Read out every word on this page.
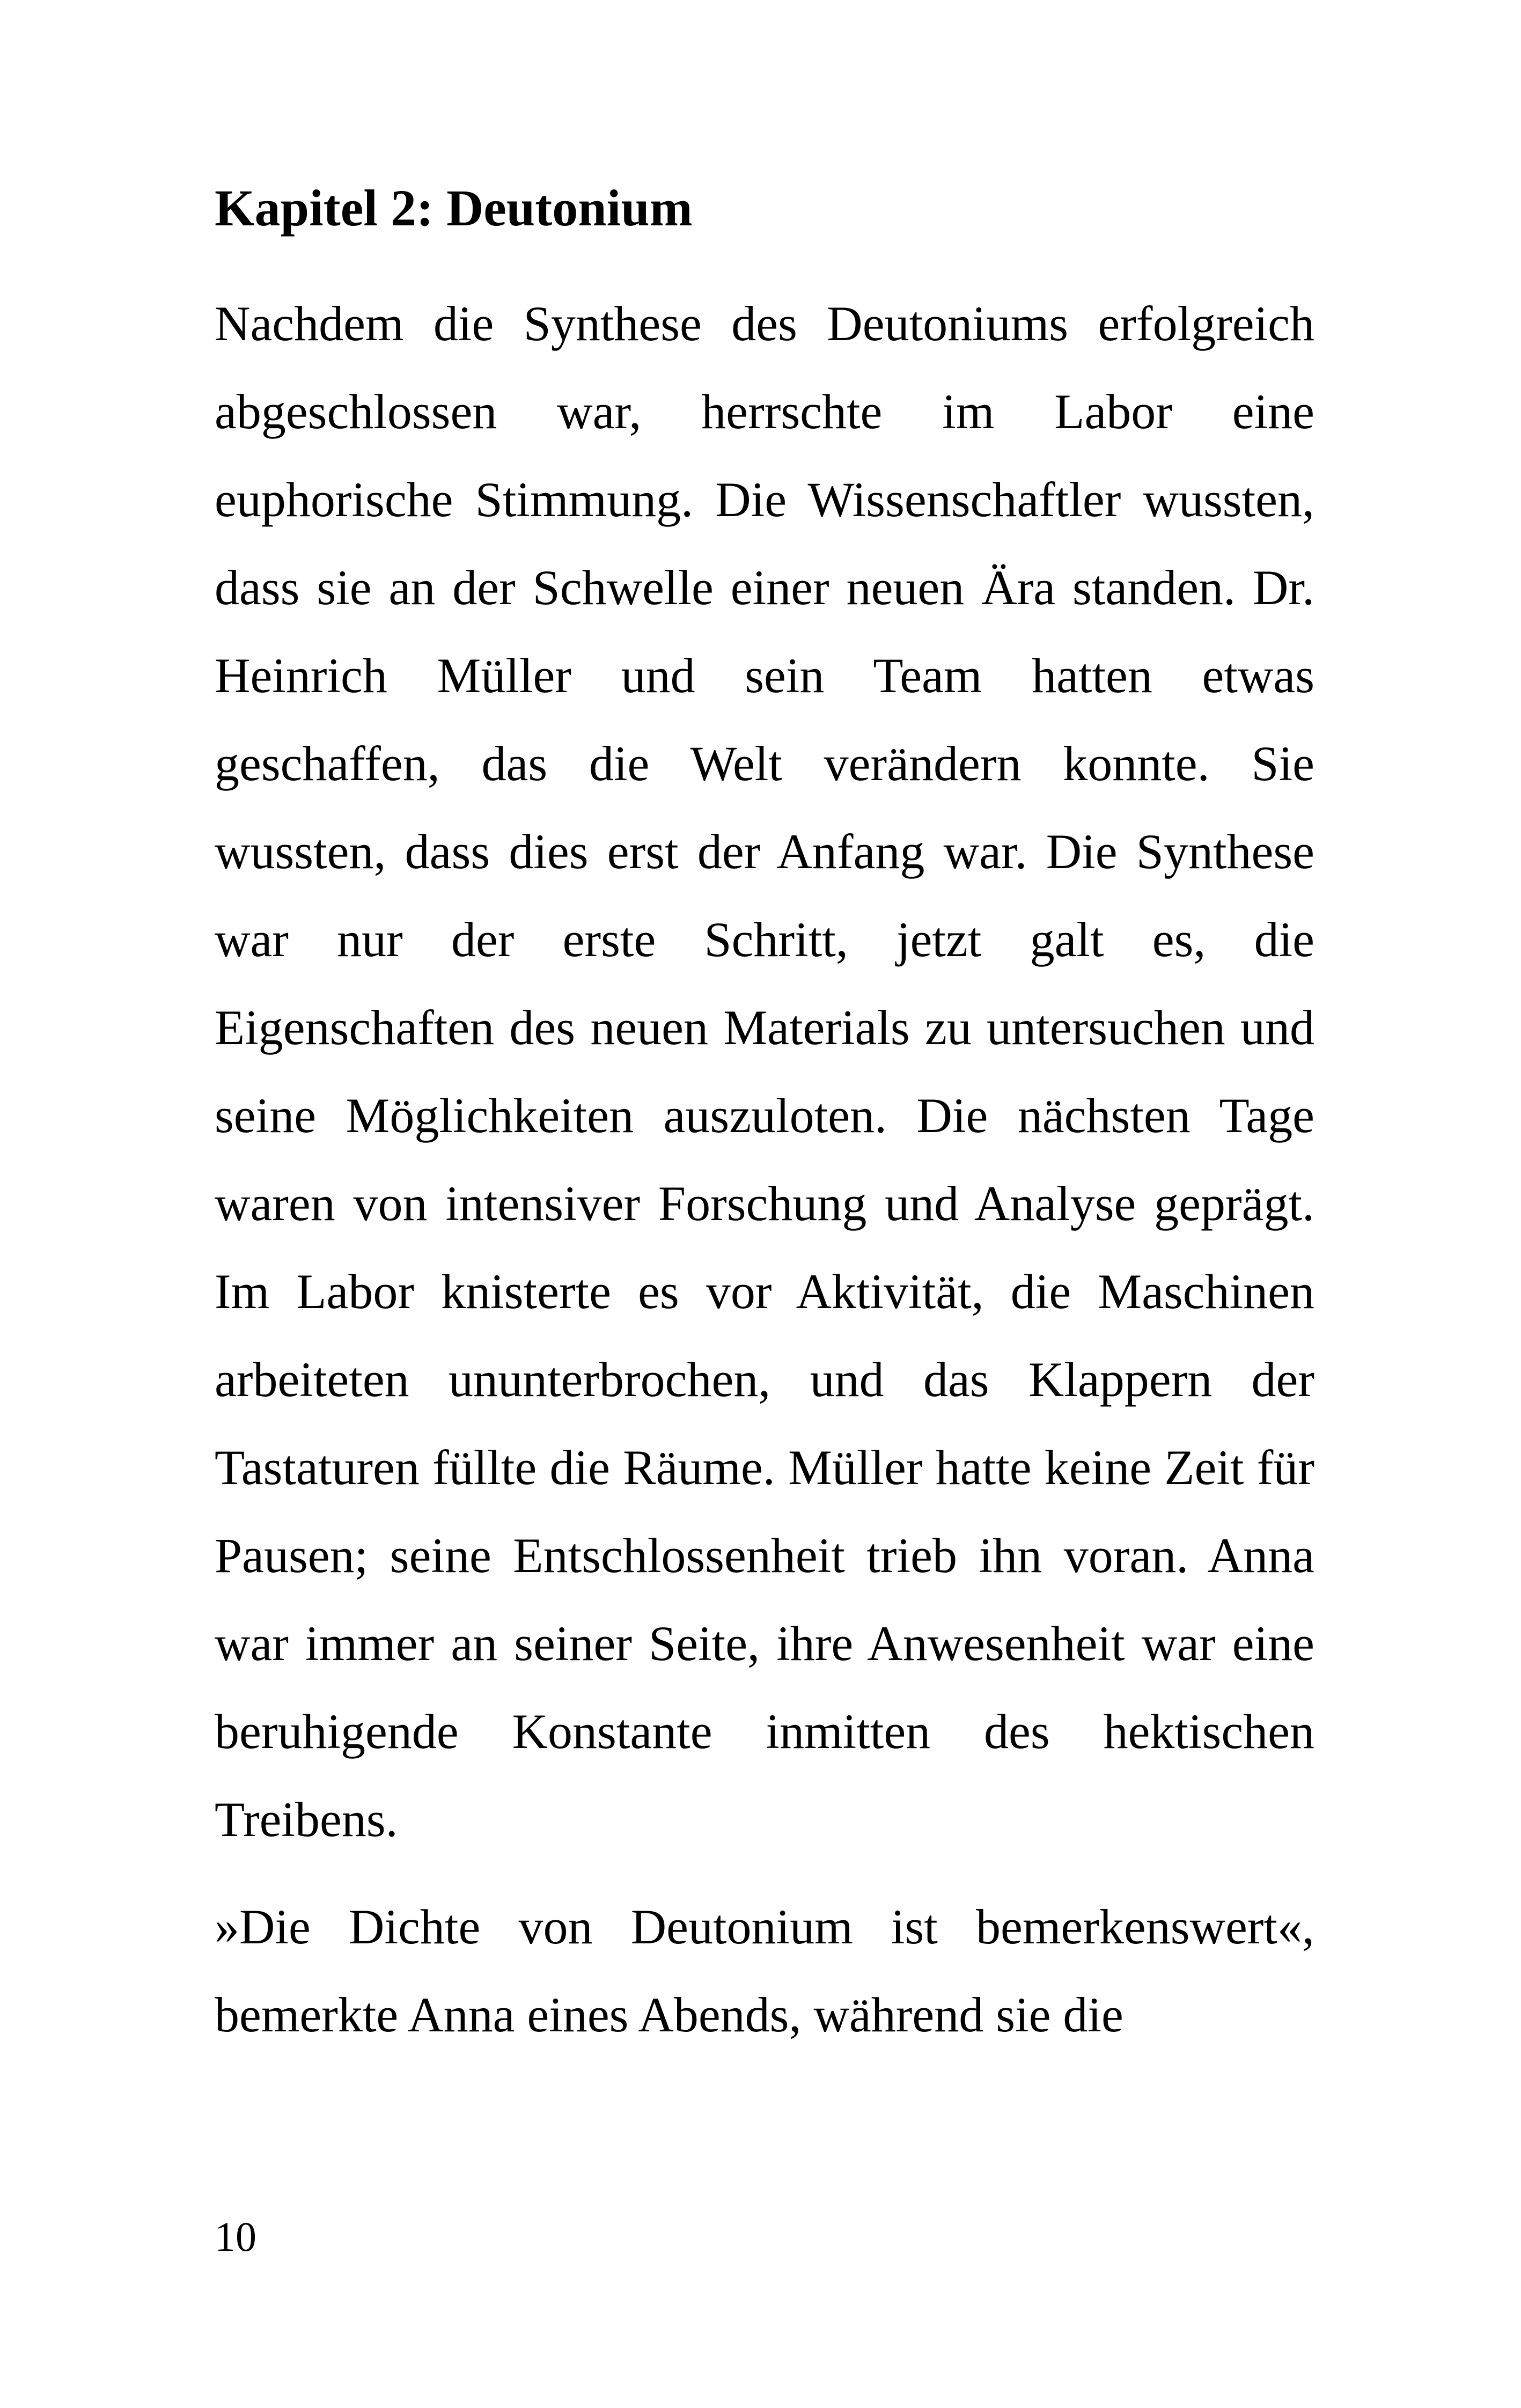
Kapitel 2: Deutonium

Nachdem die Synthese des Deutoniums erfolgreich abgeschlossen war, herrschte im Labor eine euphorische Stimmung. Die Wissenschaftler wussten, dass sie an der Schwelle einer neuen Ära standen. Dr. Heinrich Müller und sein Team hatten etwas geschaffen, das die Welt verändern konnte. Sie wussten, dass dies erst der Anfang war. Die Synthese war nur der erste Schritt, jetzt galt es, die Eigenschaften des neuen Materials zu untersuchen und seine Möglichkeiten auszuloten. Die nächsten Tage waren von intensiver Forschung und Analyse geprägt. Im Labor knisterte es vor Aktivität, die Maschinen arbeiteten ununterbrochen, und das Klappern der Tastaturen füllte die Räume. Müller hatte keine Zeit für Pausen; seine Entschlossenheit trieb ihn voran. Anna war immer an seiner Seite, ihre Anwesenheit war eine beruhigende Konstante inmitten des hektischen Treibens.

»Die Dichte von Deutonium ist bemerkenswert«, bemerkte Anna eines Abends, während sie die

10
